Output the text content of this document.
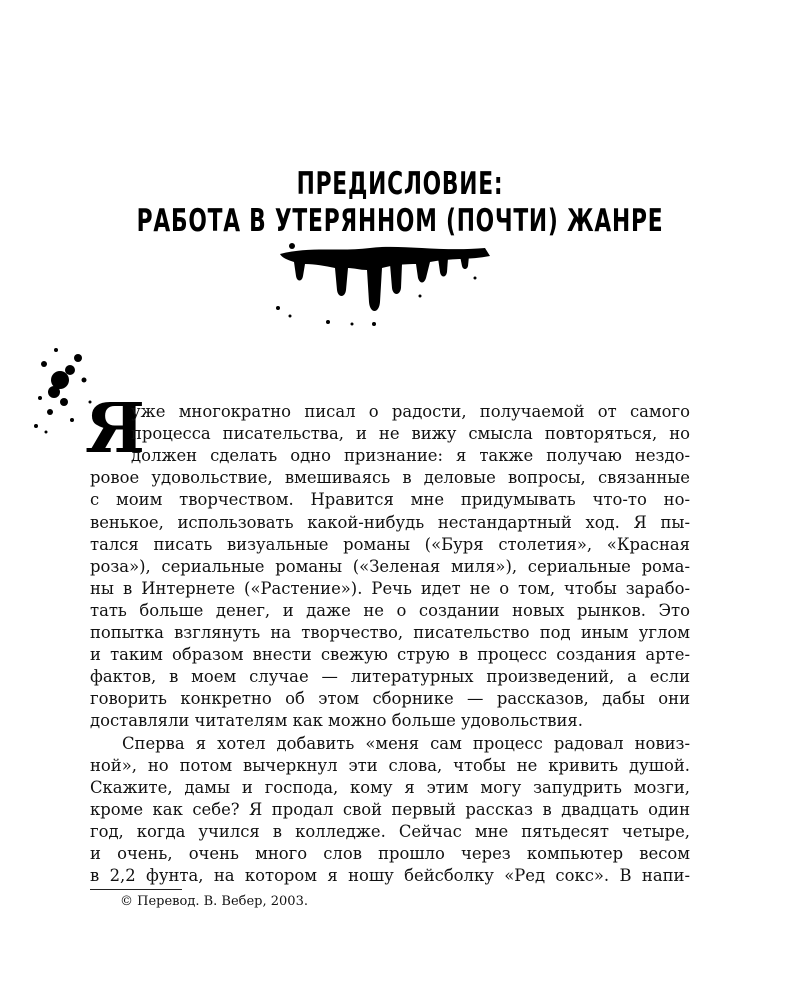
ПРЕДИСЛОВИЕ:
РАБОТА В УТЕРЯННОМ (ПОЧТИ) ЖАНРЕ
Я
уже многократно писал о радости, получаемой от самого
процесса писательства, и не вижу смысла повторяться, но
должен сделать одно признание: я также получаю нездо-
ровое удовольствие, вмешиваясь в деловые вопросы, связанные
с моим творчеством. Нравится мне придумывать что-то но-
венькое, использовать какой-нибудь нестандартный ход. Я пы-
тался писать визуальные романы («Буря столетия», «Красная
роза»), сериальные романы («Зеленая миля»), сериальные рома-
ны в Интернете («Растение»). Речь идет не о том, чтобы зарабо-
тать больше денег, и даже не о создании новых рынков. Это
попытка взглянуть на творчество, писательство под иным углом
и таким образом внести свежую струю в процесс создания арте-
фактов, в моем случае — литературных произведений, а если
говорить конкретно об этом сборнике — рассказов, дабы они
доставляли читателям как можно больше удовольствия.
Сперва я хотел добавить «меня сам процесс радовал новиз-
ной», но потом вычеркнул эти слова, чтобы не кривить душой.
Скажите, дамы и господа, кому я этим могу запудрить мозги,
кроме как себе? Я продал свой первый рассказ в двадцать один
год, когда учился в колледже. Сейчас мне пятьдесят четыре,
и очень, очень много слов прошло через компьютер весом
в 2,2 фунта, на котором я ношу бейсболку «Ред сокс». В напи-
© Перевод. В. Вебер, 2003.
